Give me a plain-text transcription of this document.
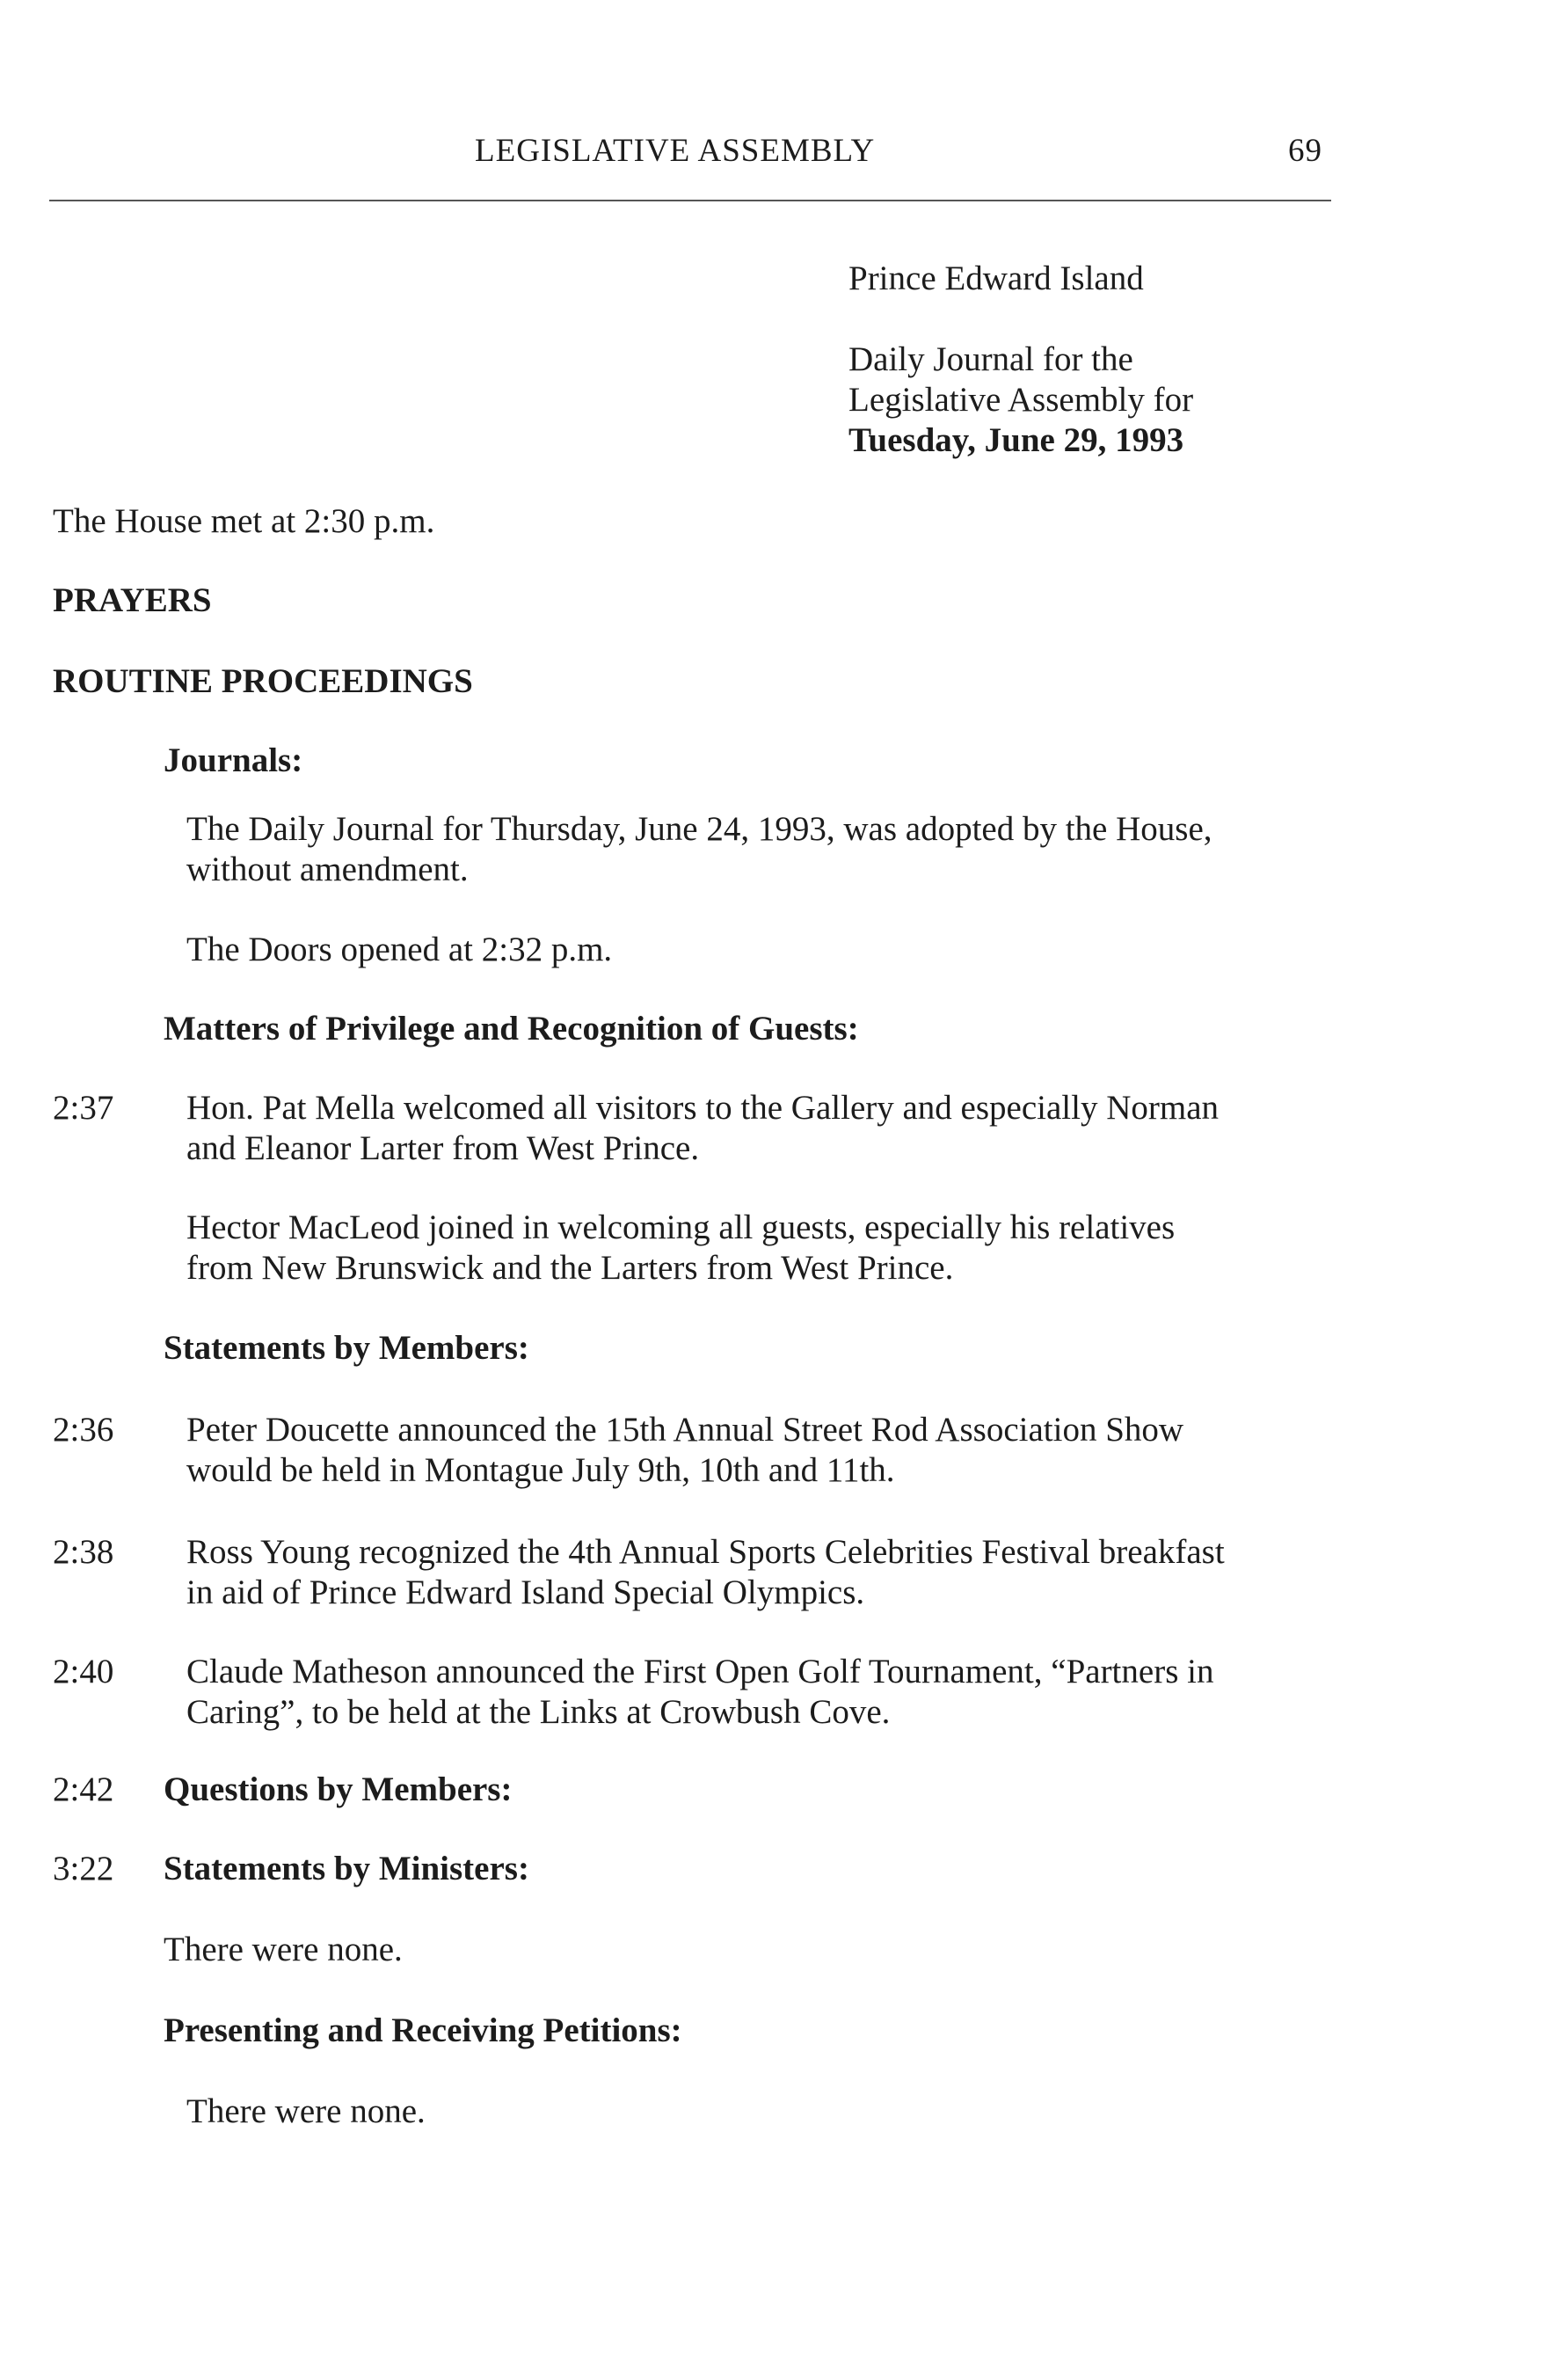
LEGISLATIVE ASSEMBLY	69
Prince Edward Island
Daily Journal for the
Legislative Assembly for
Tuesday, June 29, 1993
The House met at 2:30 p.m.
PRAYERS
ROUTINE PROCEEDINGS
Journals:
The Daily Journal for Thursday, June 24, 1993, was adopted by the House,
without amendment.
The Doors opened at 2:32 p.m.
Matters of Privilege and Recognition of Guests:
2:37 Hon. Pat Mella welcomed all visitors to the Gallery and especially Norman
and Eleanor Larter from West Prince.
Hector MacLeod joined in welcoming all guests, especially his relatives
from New Brunswick and the Larters from West Prince.
Statements by Members:
2:36 Peter Doucette announced the 15th Annual Street Rod Association Show
would be held in Montague July 9th, 10th and 11th.
2:38 Ross Young recognized the 4th Annual Sports Celebrities Festival breakfast
in aid of Prince Edward Island Special Olympics.
2:40 Claude Matheson announced the First Open Golf Tournament, “Partners in
Caring”, to be held at the Links at Crowbush Cove.
2:42 Questions by Members:
3:22 Statements by Ministers:
There were none.
Presenting and Receiving Petitions:
There were none.
